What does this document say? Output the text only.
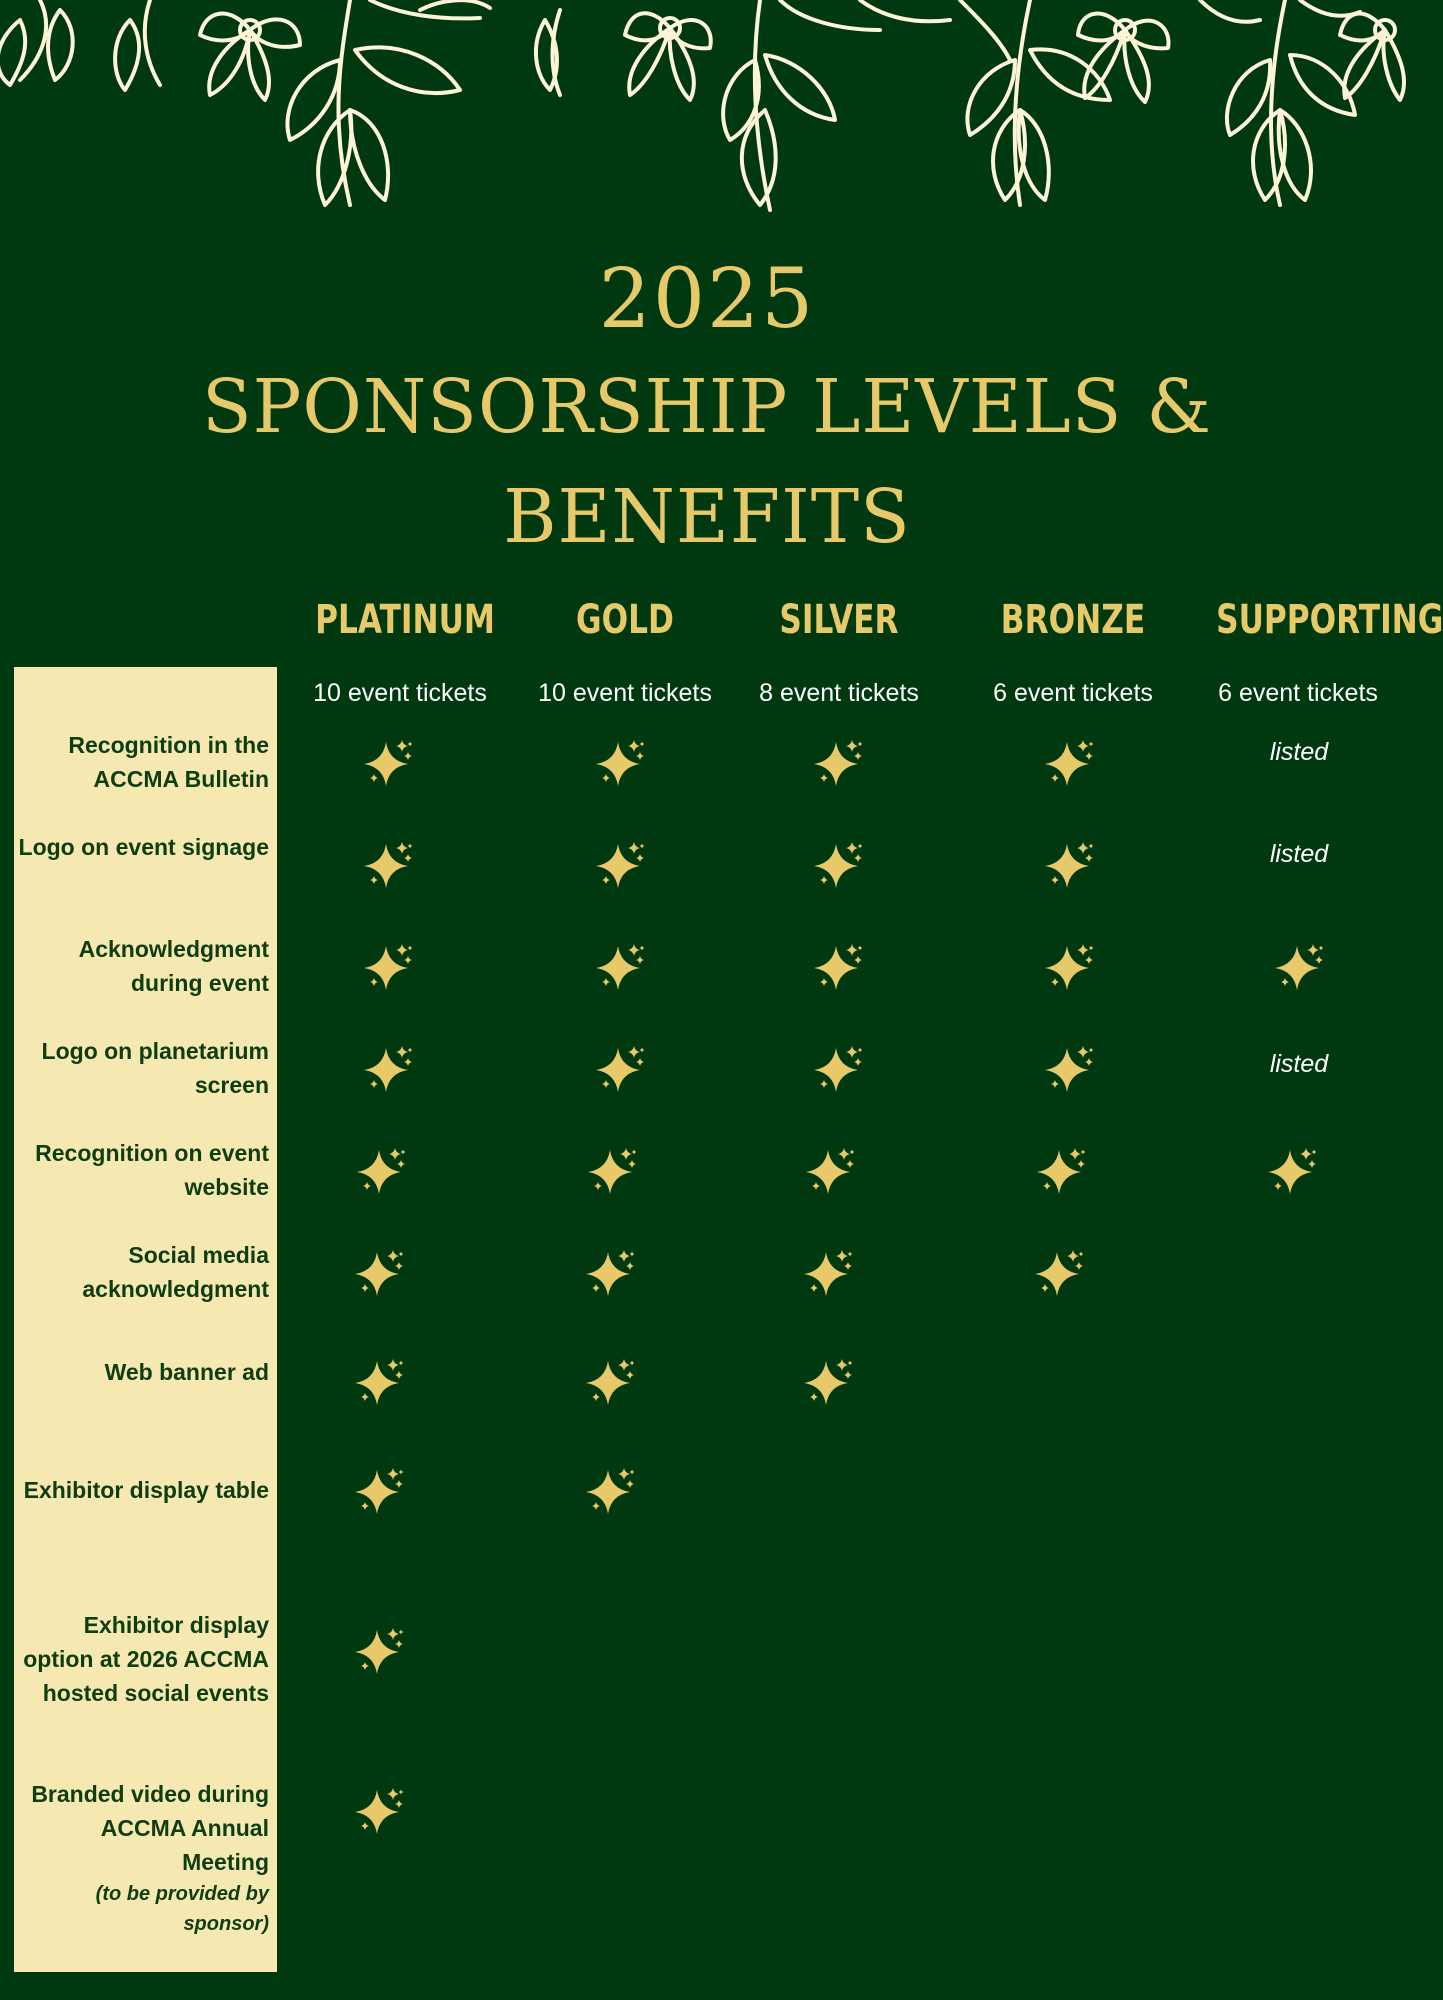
2025
SPONSORSHIP LEVELS & BENEFITS
PLATINUM
10 event tickets
GOLD
10 event tickets
SILVER
8 event tickets
BRONZE
6 event tickets
SUPPORTING
6 event tickets
Recognition in the ACCMA Bulletin
listed
Logo on event signage	listed
Acknowledgment during event
Logo on planetarium screen
listed
Recognition on event website
Social media acknowledgment
Web banner ad
Exhibitor display table
Exhibitor display option at 2026 ACCMA hosted social events
Branded video during ACCMA Annual Meeting
(to be provided by sponsor)
